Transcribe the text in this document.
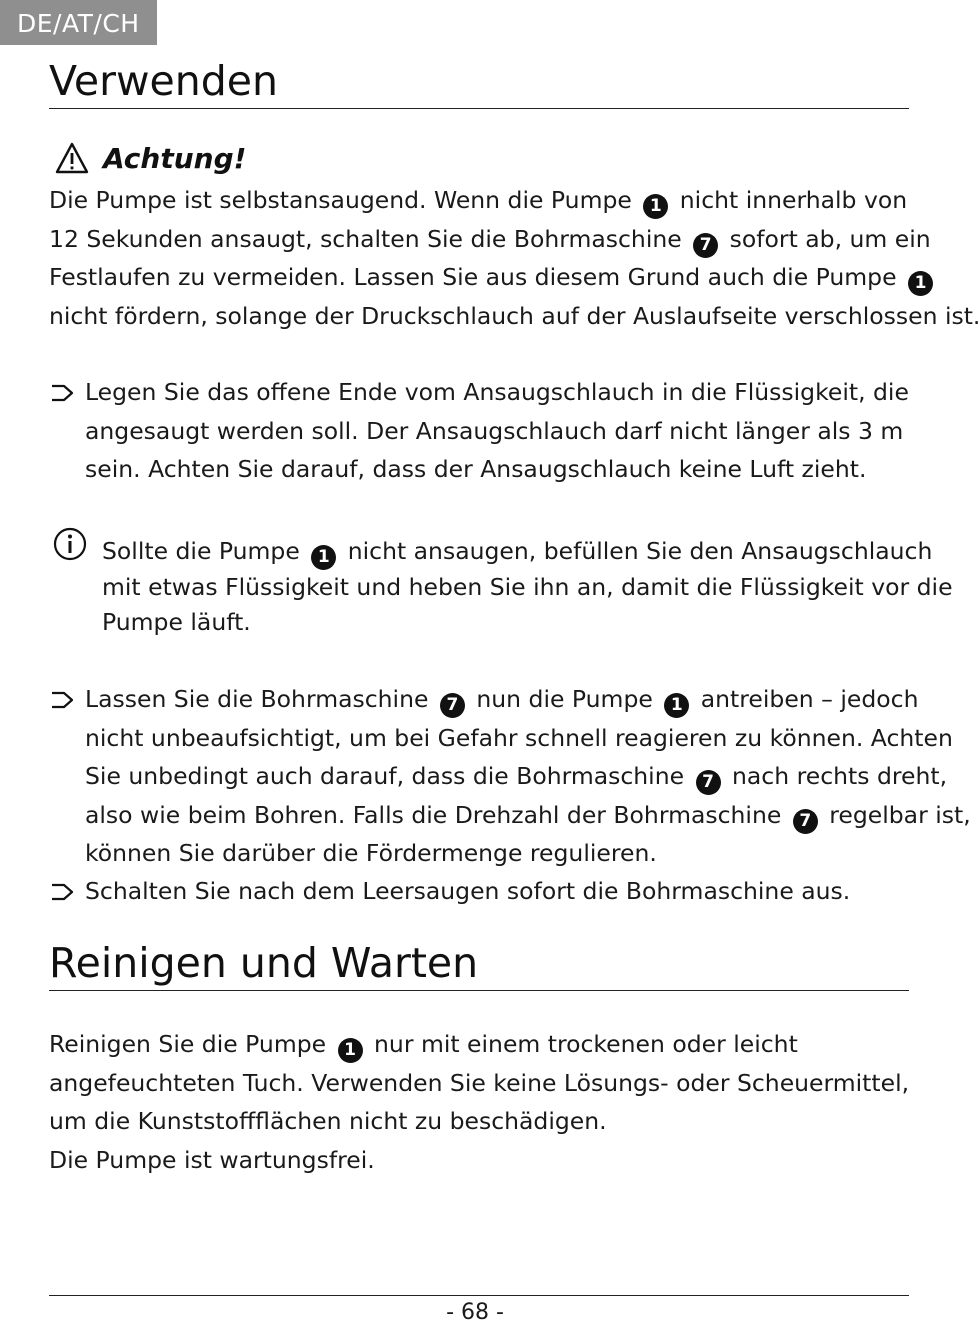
DE/AT/CH
Verwenden
Achtung!
Die Pumpe ist selbstansaugend. Wenn die Pumpe 1 nicht innerhalb von
12 Sekunden ansaugt, schalten Sie die Bohrmaschine 7 sofort ab, um ein
Festlaufen zu vermeiden. Lassen Sie aus diesem Grund auch die Pumpe 1
nicht fördern, solange der Druckschlauch auf der Auslaufseite verschlossen ist.
Legen Sie das offene Ende vom Ansaugschlauch in die Flüssigkeit, die
angesaugt werden soll. Der Ansaugschlauch darf nicht länger als 3 m
sein. Achten Sie darauf, dass der Ansaugschlauch keine Luft zieht.
Sollte die Pumpe 1 nicht ansaugen, befüllen Sie den Ansaugschlauch
mit etwas Flüssigkeit und heben Sie ihn an, damit die Flüssigkeit vor die
Pumpe läuft.
Lassen Sie die Bohrmaschine 7 nun die Pumpe 1 antreiben – jedoch
nicht unbeaufsichtigt, um bei Gefahr schnell reagieren zu können. Achten
Sie unbedingt auch darauf, dass die Bohrmaschine 7 nach rechts dreht,
also wie beim Bohren. Falls die Drehzahl der Bohrmaschine 7 regelbar ist,
können Sie darüber die Fördermenge regulieren.
Schalten Sie nach dem Leersaugen sofort die Bohrmaschine aus.
Reinigen und Warten
Reinigen Sie die Pumpe 1 nur mit einem trockenen oder leicht
angefeuchteten Tuch. Verwenden Sie keine Lösungs- oder Scheuermittel,
um die Kunststoffflächen nicht zu beschädigen.
Die Pumpe ist wartungsfrei.
- 68 -
